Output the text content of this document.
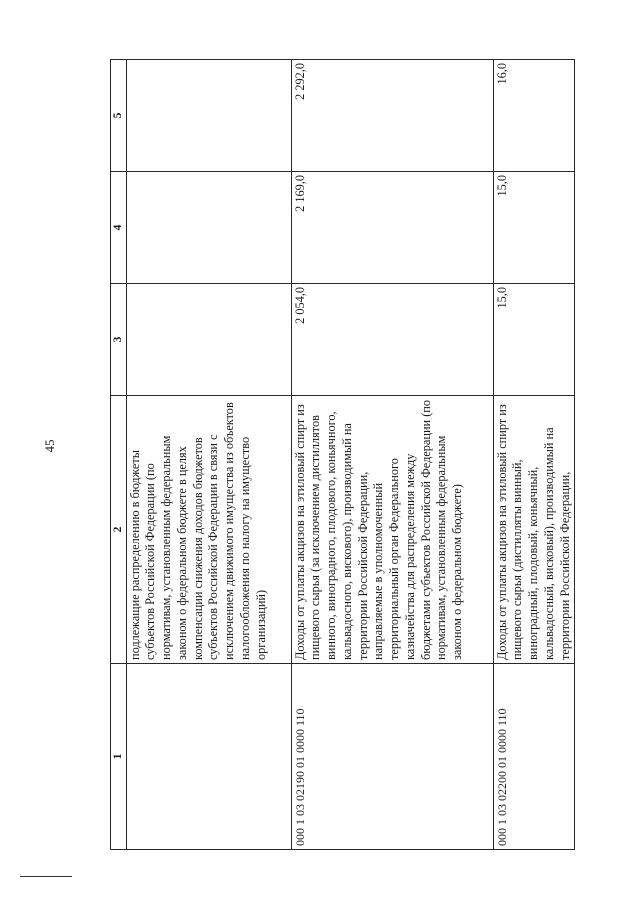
45
1	2	3	4	5
	подлежащие распределению в бюджеты субъектов Российской Федерации (по нормативам, установленным федеральным законом о федеральном бюджете в целях компенсации снижения доходов бюджетов субъектов Российской Федерации в связи с исключением движимого имущества из объектов налогообложения по налогу на имущество организаций)			
000 1 03 02190 01 0000 110	Доходы от уплаты акцизов на этиловый спирт из пищевого сырья (за исключением дистиллятов винного, виноградного, плодового, коньячного, кальвадосного, вискового), производимый на территории Российской Федерации, направляемые в уполномоченный территориальный орган Федерального казначейства для распределения между бюджетами субъектов Российской Федерации (по нормативам, установленным федеральным законом о федеральном бюджете)	2 054,0	2 169,0	2 292,0
000 1 03 02200 01 0000 110	Доходы от уплаты акцизов на этиловый спирт из пищевого сырья (дистилляты винный, виноградный, плодовый, коньячный, кальвадосный, висковый), производимый на территории Российской Федерации,	15,0	15,0	16,0
